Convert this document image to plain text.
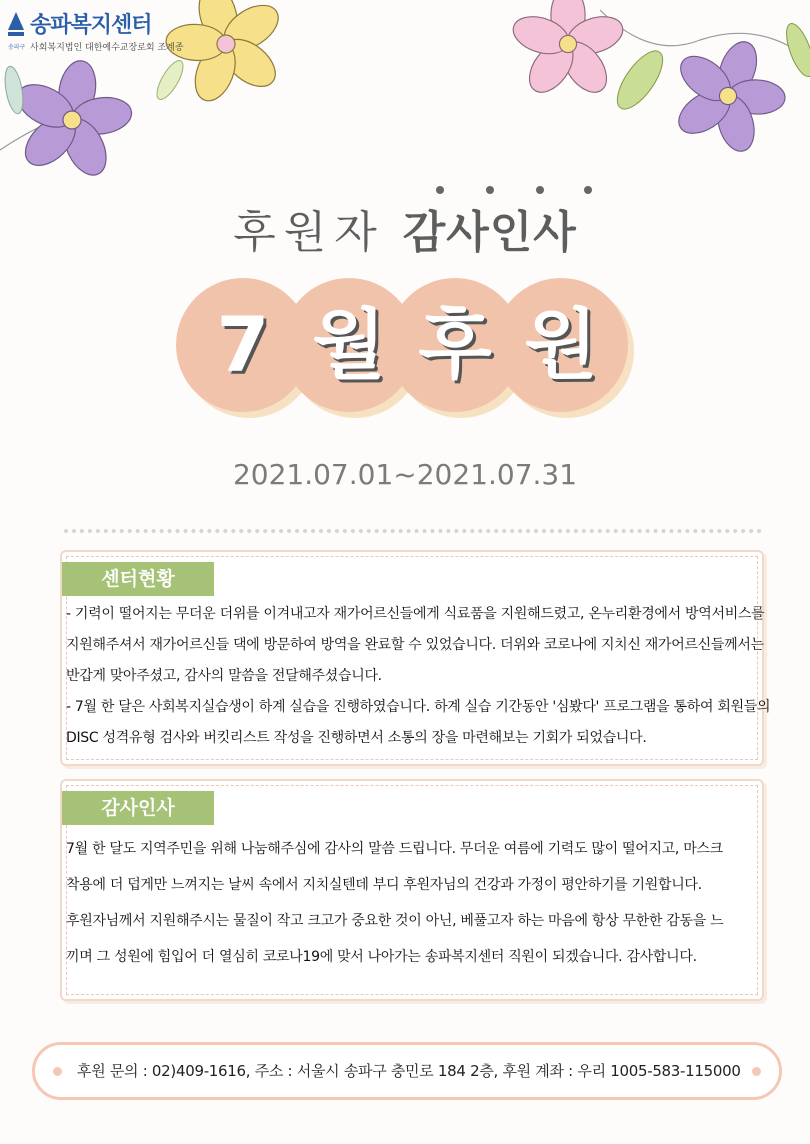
송파구
송파복지센터
사회복지법인 대한예수교장로회 조계종
후원자 감사인사
7 월 후 원
2021.07.01~2021.07.31
센터현황

- 기력이 떨어지는 무더운 더위를 이겨내고자 재가어르신들에게 식료품을 지원해드렸고, 온누리환경에서 방역서비스를

지원해주셔서 재가어르신들 댁에 방문하여 방역을 완료할 수 있었습니다. 더위와 코로나에 지치신 재가어르신들께서는

반갑게 맞아주셨고, 감사의 말씀을 전달해주셨습니다.

- 7월 한 달은 사회복지실습생이 하계 실습을 진행하였습니다. 하계 실습 기간동안 '심봤다' 프로그램을 통하여 회원들의

DISC 성격유형 검사와 버킷리스트 작성을 진행하면서 소통의 장을 마련해보는 기회가 되었습니다.

감사인사

7월 한 달도 지역주민을 위해 나눔해주심에 감사의 말씀 드립니다. 무더운 여름에 기력도 많이 떨어지고, 마스크

착용에 더 덥게만 느껴지는 날씨 속에서 지치실텐데 부디 후원자님의 건강과 가정이 평안하기를 기원합니다.

후원자님께서 지원해주시는 물질이 작고 크고가 중요한 것이 아닌, 베풀고자 하는 마음에 항상 무한한 감동을 느

끼며 그 성원에 힘입어 더 열심히 코로나19에 맞서 나아가는 송파복지센터 직원이 되겠습니다. 감사합니다.

후원 문의 : 02)409-1616, 주소 : 서울시 송파구 충민로 184 2층, 후원 계좌 : 우리 1005-583-115000
